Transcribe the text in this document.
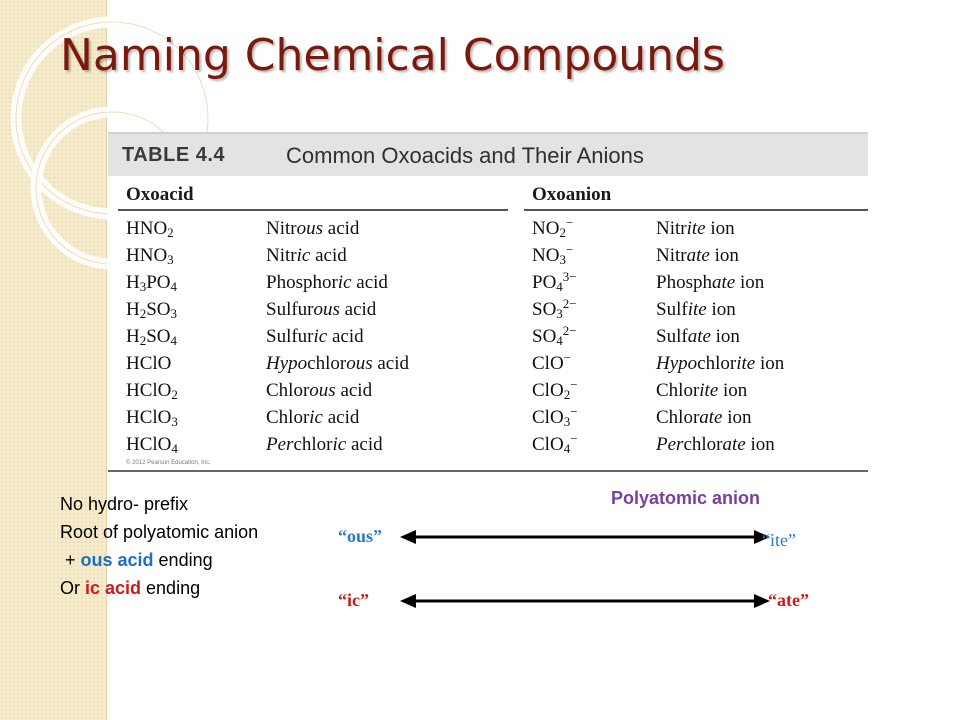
Naming Chemical Compounds
TABLE 4.4	Common Oxoacids and Their Anions
Oxoacid	Oxoanion
$HNO_2$	Nitrous acid	$NO_2^-$	Nitrite ion
$HNO_3$	Nitric acid	$NO_3^-$	Nitrate ion
$H_3PO_4$	Phosphoric acid	$PO_4^{3-}$	Phosphate ion
$H_2SO_3$	Sulfurous acid	$SO_3^{2-}$	Sulfite ion
$H_2SO_4$	Sulfuric acid	$SO_4^{2-}$	Sulfate ion
HClO	Hypochlorous acid	ClO−	Hypochlorite ion
HClO$_2$	Chlorous acid	ClO$_2$−	Chlorite ion
HClO$_3$	Chloric acid	ClO$_3$−	Chlorate ion
HClO$_4$	Perchloric acid	ClO$_4$−	Perchlorate ion
© 2012 Pearson Education, Inc.
No hydro- prefix
Root of polyatomic anion
+ ous acid ending
Or ic acid ending
Polyatomic anion
“ous”	“ite”
“ic”	“ate”
